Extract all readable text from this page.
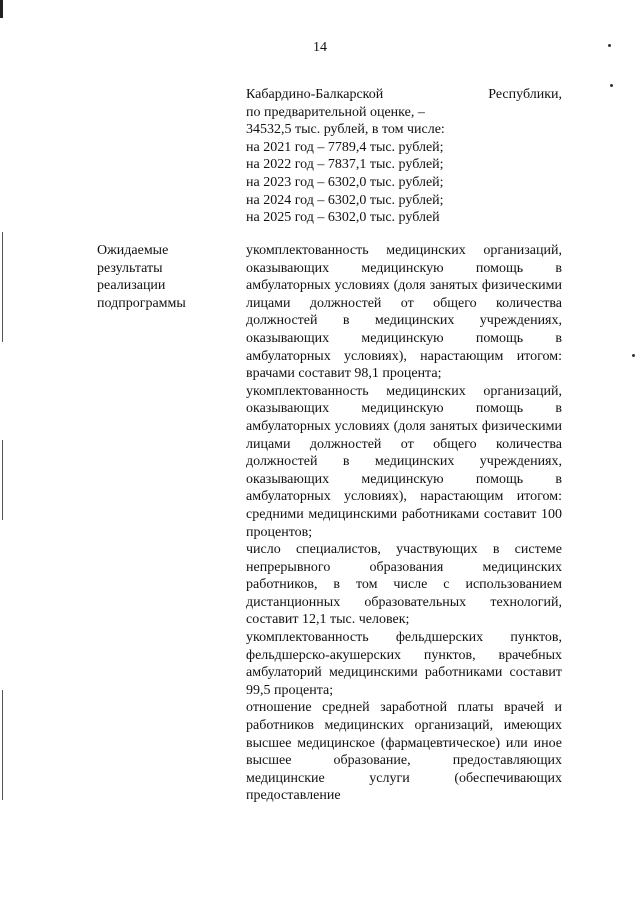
14
Кабардино-Балкарской	Республики,
по предварительной оценке, –
34532,5 тыс. рублей, в том числе:
на 2021 год – 7789,4 тыс. рублей;
на 2022 год – 7837,1 тыс. рублей;
на 2023 год – 6302,0 тыс. рублей;
на 2024 год – 6302,0 тыс. рублей;
на 2025 год – 6302,0 тыс. рублей
Ожидаемые
результаты
реализации
подпрограммы

укомплектованность медицинских организаций, оказывающих медицинскую помощь в амбулаторных условиях (доля занятых физическими лицами должностей от общего количества должностей в медицинских учреждениях, оказывающих медицинскую помощь в амбулаторных условиях), нарастающим итогом: врачами составит 98,1 процента;

укомплектованность медицинских организаций, оказывающих медицинскую помощь в амбулаторных условиях (доля занятых физическими лицами должностей от общего количества должностей в медицинских учреждениях, оказывающих медицинскую помощь в амбулаторных условиях), нарастающим итогом: средними медицинскими работниками составит 100 процентов;

число специалистов, участвующих в системе непрерывного образования медицинских работников, в том числе с использованием дистанционных образовательных технологий, составит 12,1 тыс. человек;

укомплектованность фельдшерских пунктов, фельдшерско-акушерских пунктов, врачебных амбулаторий медицинскими работниками составит 99,5 процента;

отношение средней заработной платы врачей и работников медицинских организаций, имеющих высшее медицинское (фармацевтическое) или иное высшее образование, предоставляющих медицинские услуги (обеспечивающих предоставление
